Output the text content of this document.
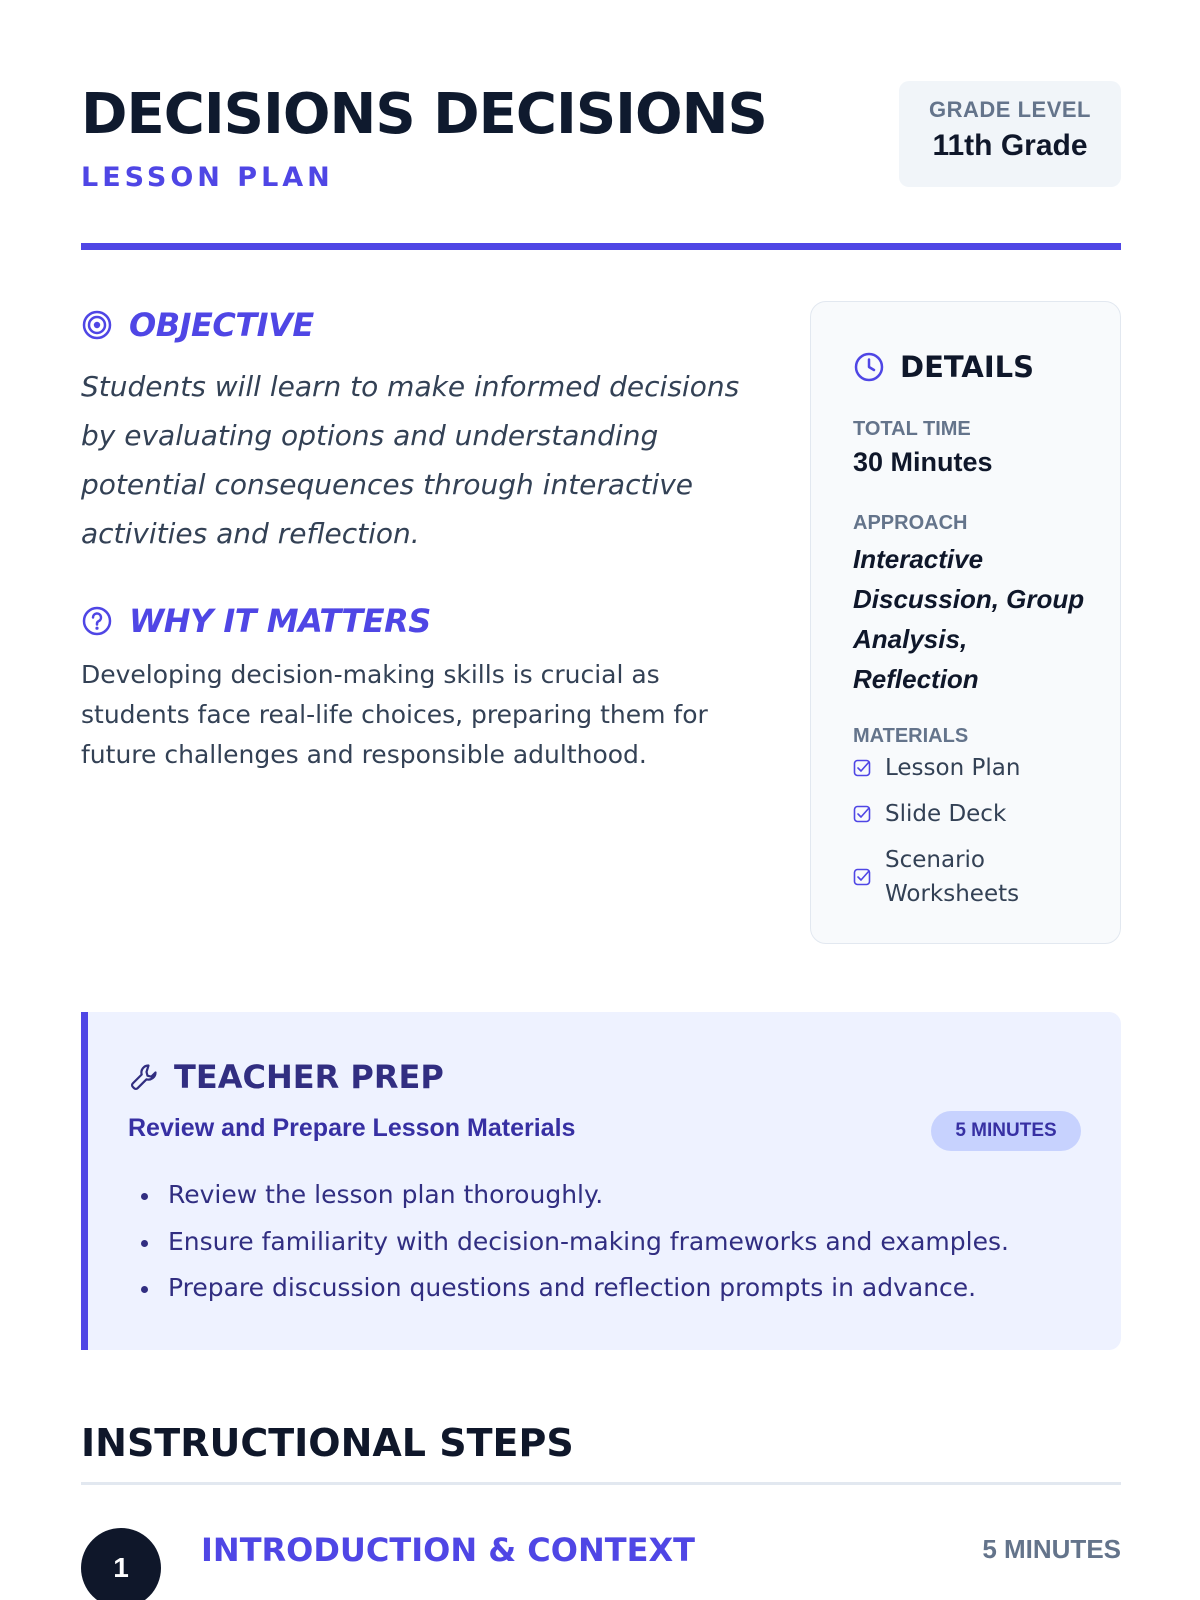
DECISIONS DECISIONS
LESSON PLAN
GRADE LEVEL
11th Grade
OBJECTIVE

Students will learn to make informed decisions by evaluating options and understanding potential consequences through interactive activities and reflection.

WHY IT MATTERS

Developing decision-making skills is crucial as students face real-life choices, preparing them for future challenges and responsible adulthood.

DETAILS
TOTAL TIME
30 Minutes
APPROACH
Interactive Discussion, Group Analysis, Reflection
MATERIALS
Lesson Plan
Slide Deck
Scenario Worksheets
TEACHER PREP
Review and Prepare Lesson Materials	5 MINUTES
Review the lesson plan thoroughly.
Ensure familiarity with decision-making frameworks and examples.
Prepare discussion questions and reflection prompts in advance.
INSTRUCTIONAL STEPS
1	INTRODUCTION & CONTEXT	5 MINUTES
